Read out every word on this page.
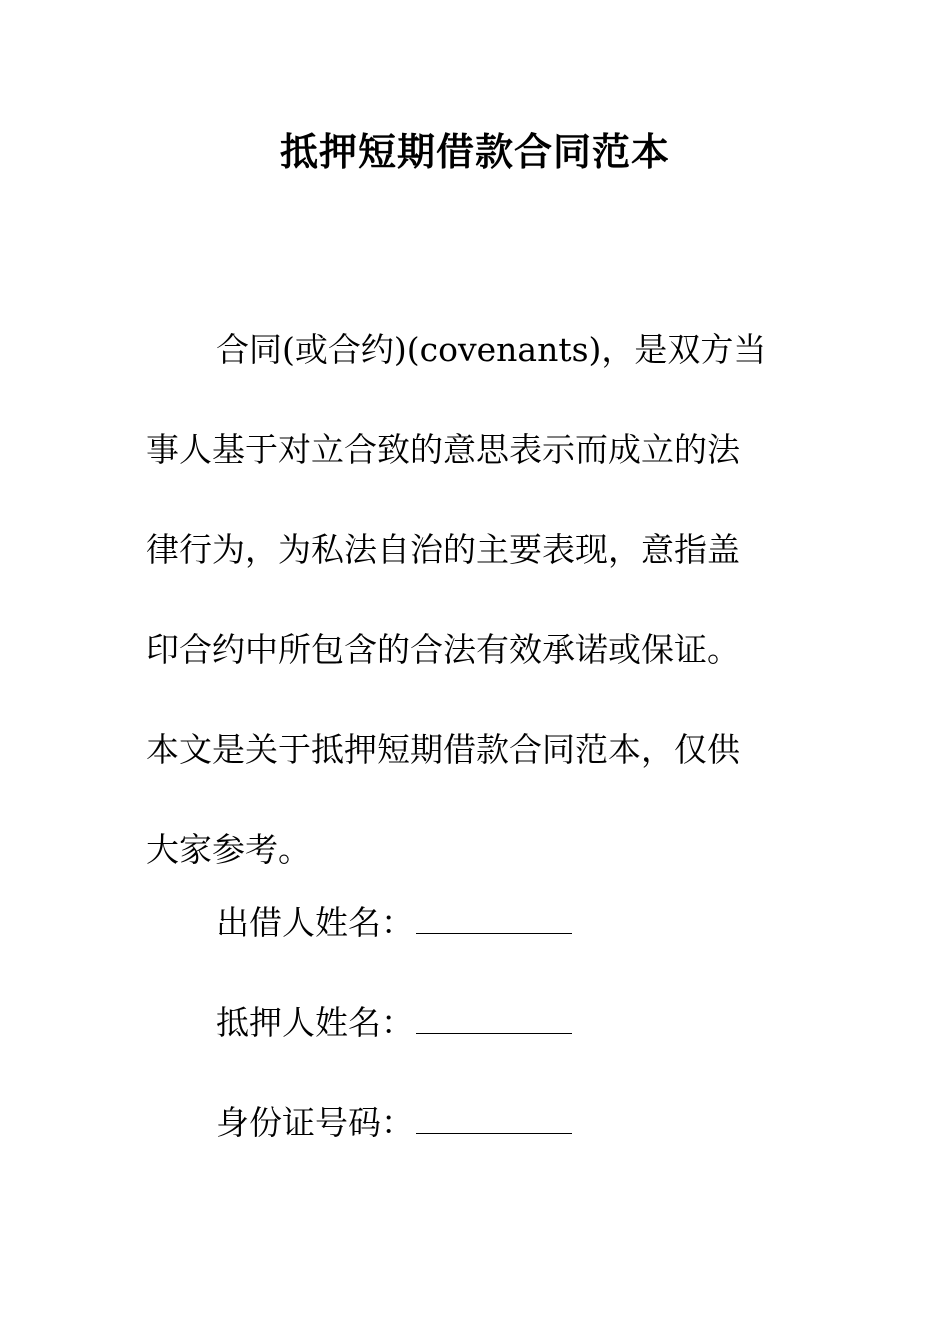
抵押短期借款合同范本
合同(或合约)(covenants)，是双方当
事人基于对立合致的意思表示而成立的法
律行为，为私法自治的主要表现，意指盖
印合约中所包含的合法有效承诺或保证。
本文是关于抵押短期借款合同范本，仅供
大家参考。
出借人姓名：
抵押人姓名：
身份证号码：
